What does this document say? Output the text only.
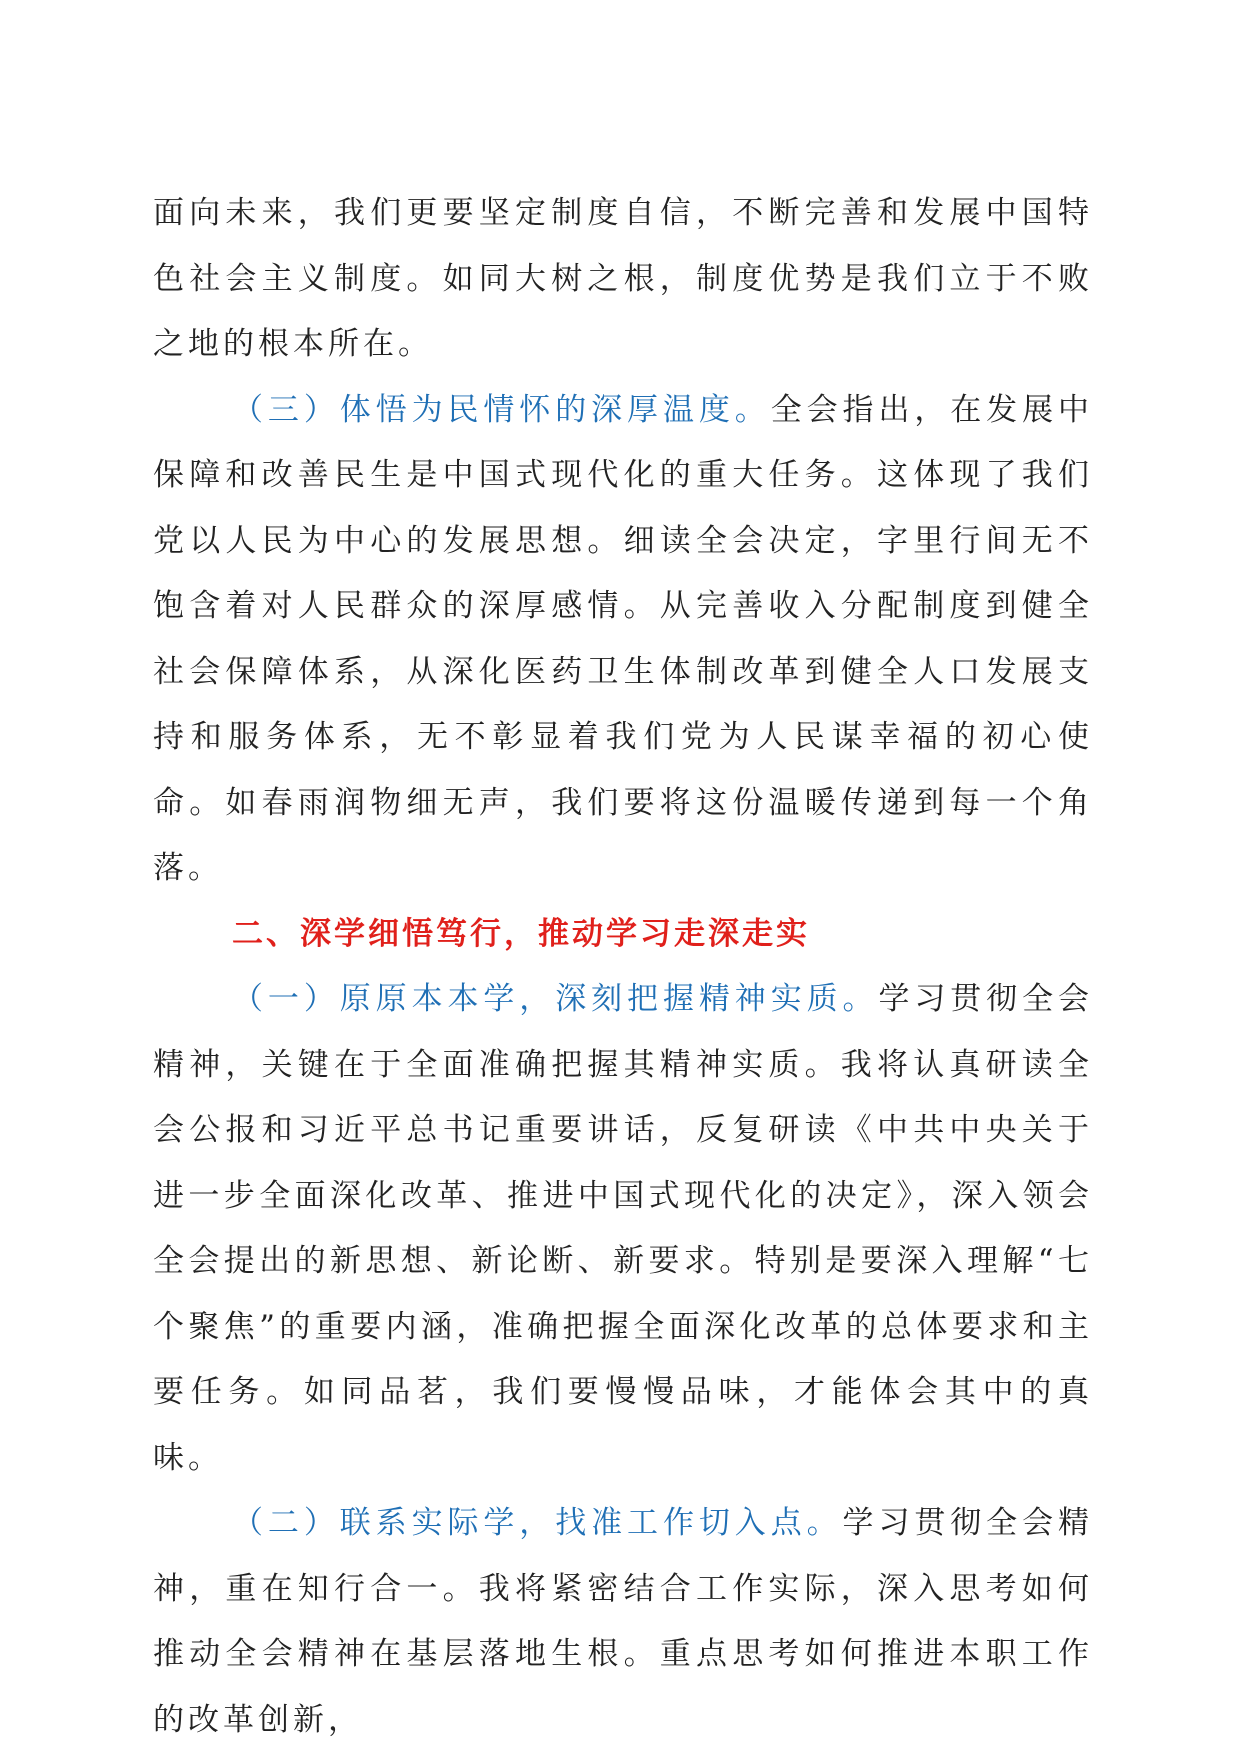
面向未来，我们更要坚定制度自信，不断完善和发展中国特色社会主义制度。如同大树之根，制度优势是我们立于不败之地的根本所在。

（三）体悟为民情怀的深厚温度。全会指出，在发展中保障和改善民生是中国式现代化的重大任务。这体现了我们党以人民为中心的发展思想。细读全会决定，字里行间无不饱含着对人民群众的深厚感情。从完善收入分配制度到健全社会保障体系，从深化医药卫生体制改革到健全人口发展支持和服务体系，无不彰显着我们党为人民谋幸福的初心使命。如春雨润物细无声，我们要将这份温暖传递到每一个角落。

二、深学细悟笃行，推动学习走深走实

（一）原原本本学，深刻把握精神实质。学习贯彻全会精神，关键在于全面准确把握其精神实质。我将认真研读全会公报和习近平总书记重要讲话，反复研读《中共中央关于进一步全面深化改革、推进中国式现代化的决定》，深入领会全会提出的新思想、新论断、新要求。特别是要深入理解“七个聚焦”的重要内涵，准确把握全面深化改革的总体要求和主要任务。如同品茗，我们要慢慢品味，才能体会其中的真味。

（二）联系实际学，找准工作切入点。学习贯彻全会精神，重在知行合一。我将紧密结合工作实际，深入思考如何推动全会精神在基层落地生根。重点思考如何推进本职工作的改革创新，
